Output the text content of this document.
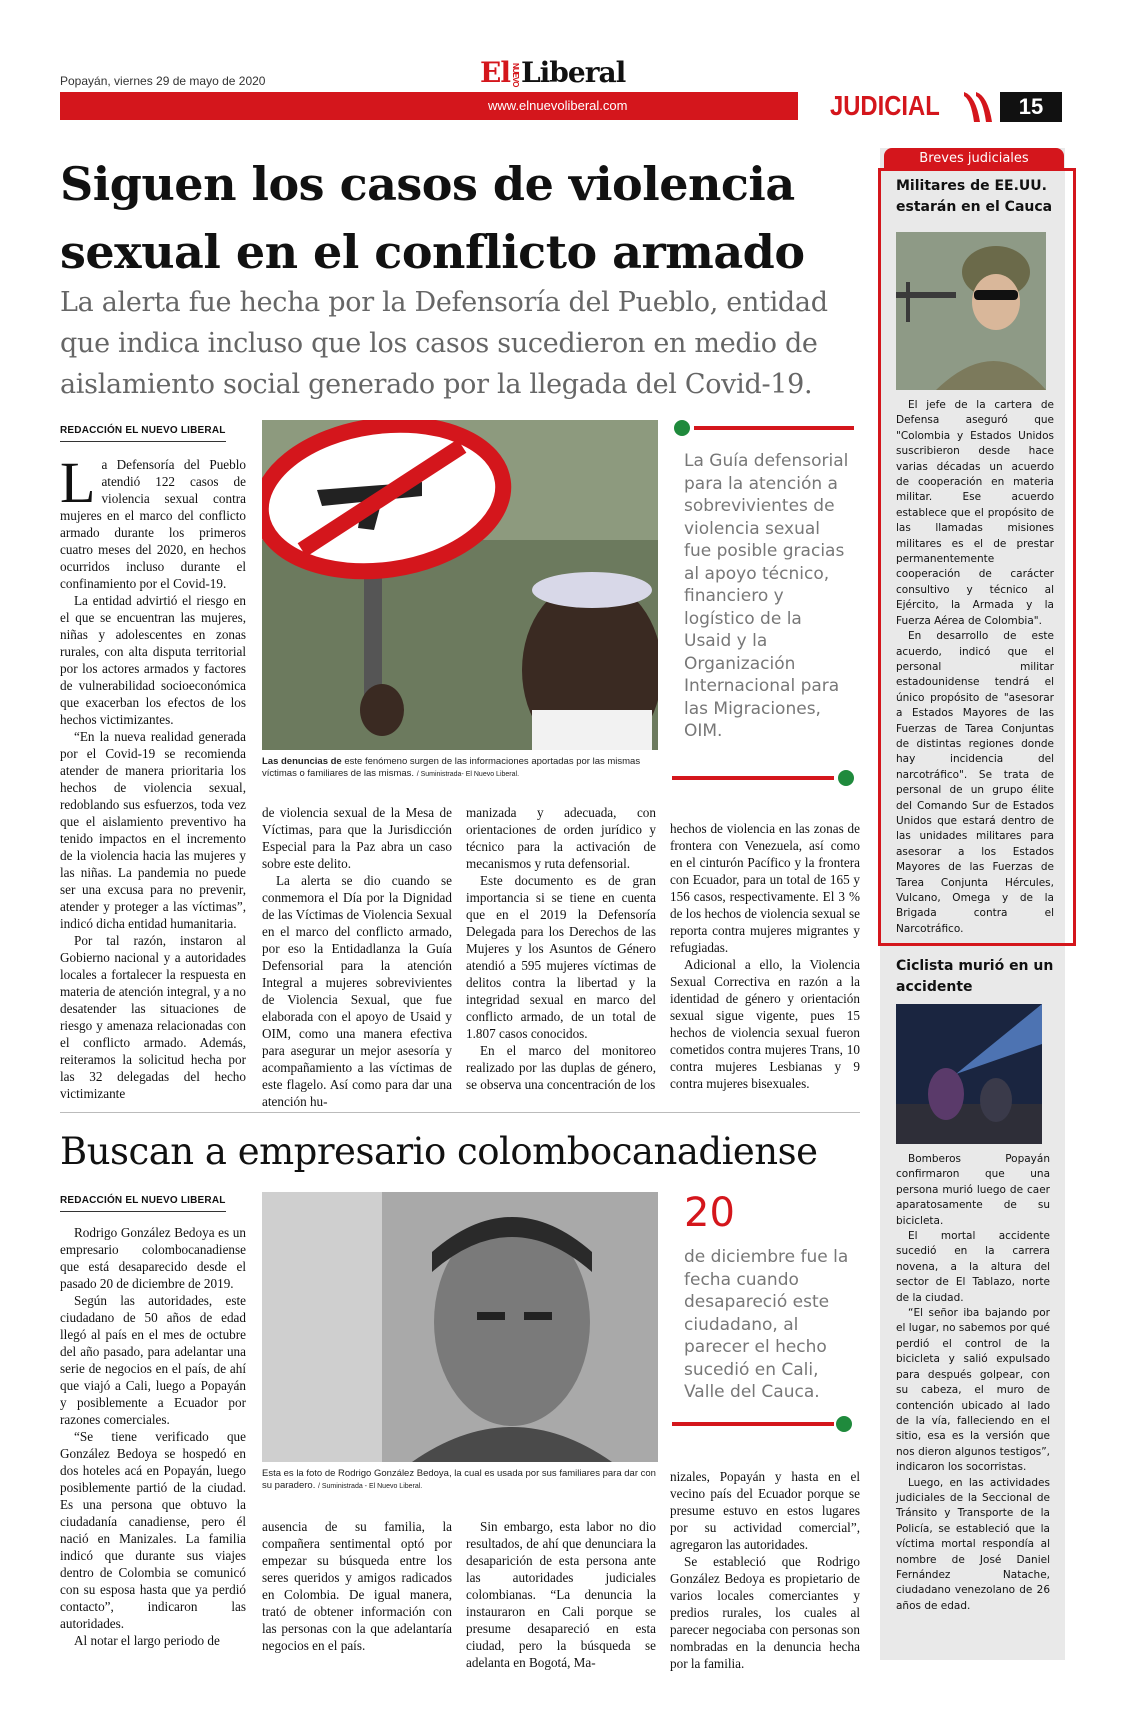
Popayán, viernes 29 de mayo de 2020	ElNUEVOLiberal
www.elnuevoliberal.com	JUDICIAL	15
Siguen los casos de violencia sexual en el conflicto armado
La alerta fue hecha por la Defensoría del Pueblo, entidad que indica incluso que los casos sucedieron en medio de aislamiento social generado por la llegada del Covid-19.
REDACCIÓN EL NUEVO LIBERAL
L a Defensoría del Pueblo atendió 122 casos de violencia sexual contra mujeres en el marco del conflicto armado durante los primeros cuatro meses del 2020, en hechos ocurridos incluso durante el confinamiento por el Covid-19.

La entidad advirtió el riesgo en el que se encuentran las mujeres, niñas y adolescentes en zonas rurales, con alta disputa territorial por los actores armados y factores de vulnerabilidad socioeconómica que exacerban los efectos de los hechos victimizantes.

“En la nueva realidad generada por el Covid-19 se recomienda atender de manera prioritaria los hechos de violencia sexual, redoblando sus esfuerzos, toda vez que el aislamiento preventivo ha tenido impactos en el incremento de la violencia hacia las mujeres y las niñas. La pandemia no puede ser una excusa para no prevenir, atender y proteger a las víctimas”, indicó dicha entidad humanitaria.

Por tal razón, instaron al Gobierno nacional y a autoridades locales a fortalecer la respuesta en materia de atención integral, y a no desatender las situaciones de riesgo y amenaza relacionadas con el conflicto armado. Además, reiteramos la solicitud hecha por las 32 delegadas del hecho victimizante

Las denuncias de este fenómeno surgen de las informaciones aportadas por las mismas víctimas o familiares de las mismas. / Suministrada- El Nuevo Liberal.
La Guía defensorial para la atención a sobrevivientes de violencia sexual fue posible gracias al apoyo técnico, financiero y logístico de la Usaid y la Organización Internacional para las Migraciones, OIM.

de violencia sexual de la Mesa de Víctimas, para que la Jurisdicción Especial para la Paz abra un caso sobre este delito.

La alerta se dio cuando se conmemora el Día por la Dignidad de las Víctimas de Violencia Sexual en el marco del conflicto armado, por eso la Entidadlanza la Guía Defensorial para la atención Integral a mujeres sobrevivientes de Violencia Sexual, que fue elaborada con el apoyo de Usaid y OIM, como una manera efectiva para asegurar un mejor asesoría y acompañamiento a las víctimas de este flagelo. Así como para dar una atención hu-

manizada y adecuada, con orientaciones de orden jurídico y técnico para la activación de mecanismos y ruta defensorial.

Este documento es de gran importancia si se tiene en cuenta que en el 2019 la Defensoría Delegada para los Derechos de las Mujeres y los Asuntos de Género atendió a 595 mujeres víctimas de delitos contra la libertad y la integridad sexual en marco del conflicto armado, de un total de 1.807 casos conocidos.

En el marco del monitoreo realizado por las duplas de género, se observa una concentración de los

hechos de violencia en las zonas de frontera con Venezuela, así como en el cinturón Pacífico y la frontera con Ecuador, para un total de 165 y 156 casos, respectivamente. El 3 % de los hechos de violencia sexual se reporta contra mujeres migrantes y refugiadas.

Adicional a ello, la Violencia Sexual Correctiva en razón a la identidad de género y orientación sexual sigue vigente, pues 15 hechos de violencia sexual fueron cometidos contra mujeres Trans, 10 contra mujeres Lesbianas y 9 contra mujeres bisexuales.

Buscan a empresario colombocanadiense
REDACCIÓN EL NUEVO LIBERAL

Rodrigo González Bedoya es un empresario colombocanadiense que está desaparecido desde el pasado 20 de diciembre de 2019.

Según las autoridades, este ciudadano de 50 años de edad llegó al país en el mes de octubre del año pasado, para adelantar una serie de negocios en el país, de ahí que viajó a Cali, luego a Popayán y posiblemente a Ecuador por razones comerciales.

“Se tiene verificado que González Bedoya se hospedó en dos hoteles acá en Popayán, luego posiblemente partió de la ciudad. Es una persona que obtuvo la ciudadanía canadiense, pero él nació en Manizales. La familia indicó que durante sus viajes dentro de Colombia se comunicó con su esposa hasta que ya perdió contacto”, indicaron las autoridades.

Al notar el largo periodo de

Esta es la foto de Rodrigo González Bedoya, la cual es usada por sus familiares para dar con su paradero. / Suministrada - El Nuevo Liberal.
20
de diciembre fue la fecha cuando desapareció este ciudadano, al parecer el hecho sucedió en Cali, Valle del Cauca.

ausencia de su familia, la compañera sentimental optó por empezar su búsqueda entre los seres queridos y amigos radicados en Colombia. De igual manera, trató de obtener información con las personas con la que adelantaría negocios en el país.

Sin embargo, esta labor no dio resultados, de ahí que denunciara la desaparición de esta persona ante las autoridades judiciales colombianas. “La denuncia la instauraron en Cali porque se presume desapareció en esta ciudad, pero la búsqueda se adelanta en Bogotá, Ma-

nizales, Popayán y hasta en el vecino país del Ecuador porque se presume estuvo en estos lugares por su actividad comercial”, agregaron las autoridades.

Se estableció que Rodrigo González Bedoya es propietario de varios locales comerciantes y predios rurales, los cuales al parecer negociaba con personas son nombradas en la denuncia hecha por la familia.

Breves judiciales
Militares de EE.UU. estarán en el Cauca

El jefe de la cartera de Defensa aseguró que "Colombia y Estados Unidos suscribieron desde hace varias décadas un acuerdo de cooperación en materia militar. Ese acuerdo establece que el propósito de las llamadas misiones militares es el de prestar permanentemente cooperación de carácter consultivo y técnico al Ejército, la Armada y la Fuerza Aérea de Colombia".

En desarrollo de este acuerdo, indicó que el personal militar estadounidense tendrá el único propósito de "asesorar a Estados Mayores de las Fuerzas de Tarea Conjuntas de distintas regiones donde hay incidencia del narcotráfico". Se trata de personal de un grupo élite del Comando Sur de Estados Unidos que estará dentro de las unidades militares para asesorar a los Estados Mayores de las Fuerzas de Tarea Conjunta Hércules, Vulcano, Omega y de la Brigada contra el Narcotráfico.

Ciclista murió en un accidente

Bomberos Popayán confirmaron que una persona murió luego de caer aparatosamente de su bicicleta.

El mortal accidente sucedió en la carrera novena, a la altura del sector de El Tablazo, norte de la ciudad.

“El señor iba bajando por el lugar, no sabemos por qué perdió el control de la bicicleta y salió expulsado para después golpear, con su cabeza, el muro de contención ubicado al lado de la vía, falleciendo en el sitio, esa es la versión que nos dieron algunos testigos”, indicaron los socorristas.

Luego, en las actividades judiciales de la Seccional de Tránsito y Transporte de la Policía, se estableció que la víctima mortal respondía al nombre de José Daniel Fernández Natache, ciudadano venezolano de 26 años de edad.
